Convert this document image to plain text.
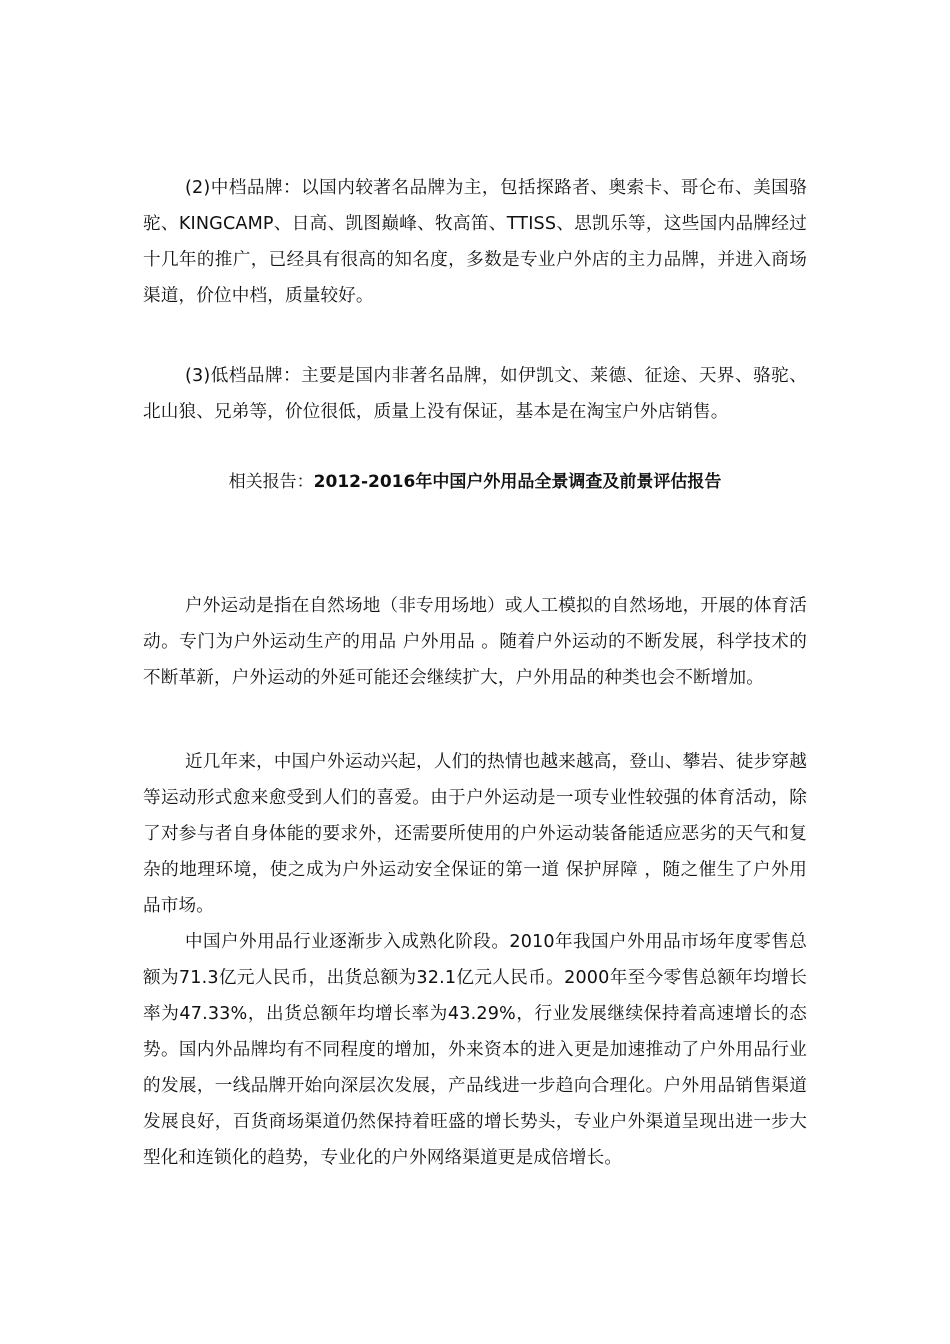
(2)中档品牌：以国内较著名品牌为主，包括探路者、奥索卡、哥仑布、美国骆驼、KINGCAMP、日高、凯图巅峰、牧高笛、TTISS、思凯乐等，这些国内品牌经过十几年的推广，已经具有很高的知名度，多数是专业户外店的主力品牌，并进入商场渠道，价位中档，质量较好。

(3)低档品牌：主要是国内非著名品牌，如伊凯文、莱德、征途、天界、骆驼、北山狼、兄弟等，价位很低，质量上没有保证，基本是在淘宝户外店销售。

相关报告：2012-2016年中国户外用品全景调查及前景评估报告

户外运动是指在自然场地（非专用场地）或人工模拟的自然场地，开展的体育活动。专门为户外运动生产的用品 户外用品 。随着户外运动的不断发展，科学技术的不断革新，户外运动的外延可能还会继续扩大，户外用品的种类也会不断增加。

近几年来，中国户外运动兴起，人们的热情也越来越高，登山、攀岩、徒步穿越等运动形式愈来愈受到人们的喜爱。由于户外运动是一项专业性较强的体育活动，除了对参与者自身体能的要求外，还需要所使用的户外运动装备能适应恶劣的天气和复杂的地理环境，使之成为户外运动安全保证的第一道 保护屏障 ，随之催生了户外用品市场。

中国户外用品行业逐渐步入成熟化阶段。2010年我国户外用品市场年度零售总额为71.3亿元人民币，出货总额为32.1亿元人民币。2000年至今零售总额年均增长率为47.33%，出货总额年均增长率为43.29%，行业发展继续保持着高速增长的态势。国内外品牌均有不同程度的增加，外来资本的进入更是加速推动了户外用品行业的发展，一线品牌开始向深层次发展，产品线进一步趋向合理化。户外用品销售渠道发展良好，百货商场渠道仍然保持着旺盛的增长势头，专业户外渠道呈现出进一步大型化和连锁化的趋势，专业化的户外网络渠道更是成倍增长。
